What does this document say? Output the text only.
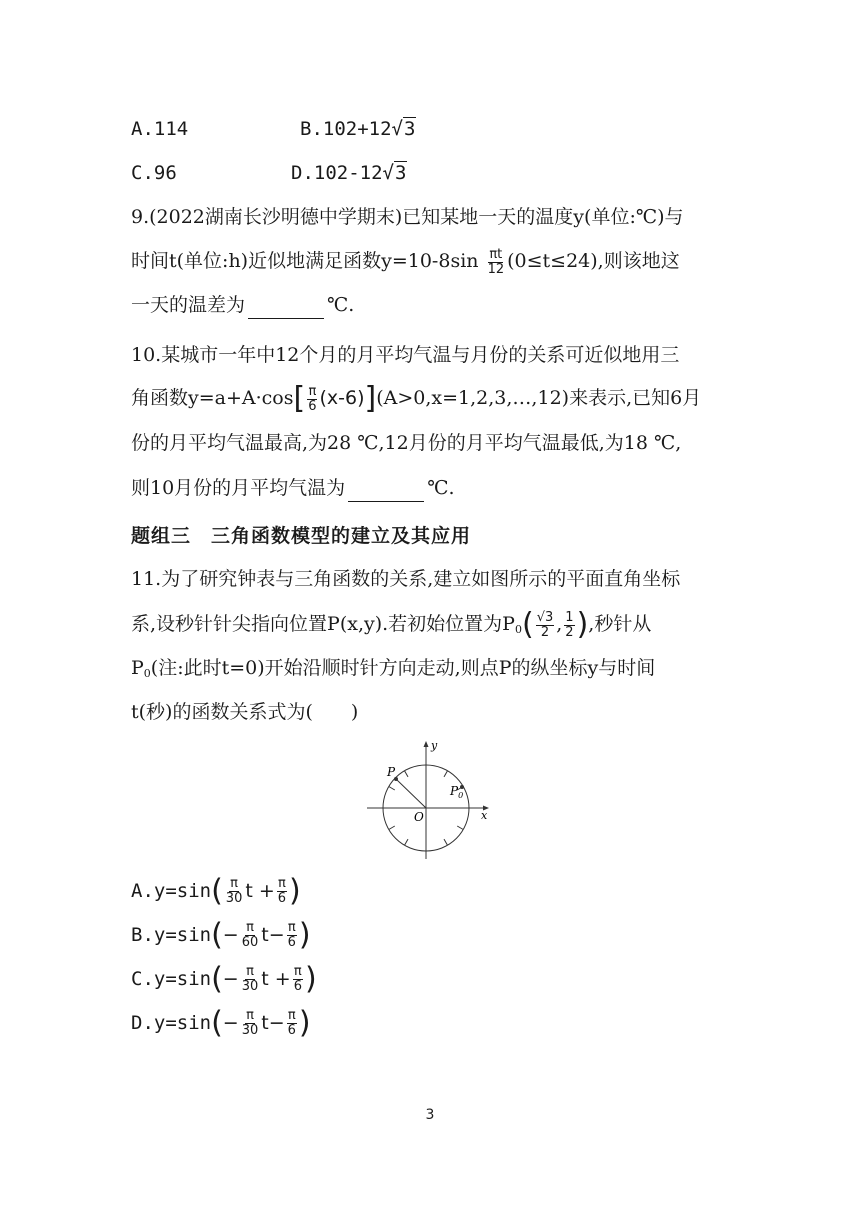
A.114	B.102+12√3
C.96	D.102-12√3
9.(2022湖南长沙明德中学期末)已知某地一天的温度y(单位:℃)与
时间t(单位:h)近似地满足函数$y=10-8\sin \frac{\pi t}{12} (0\le t\le 24)$,则该地这
一天的温差为	℃.
10.某城市一年中12个月的月平均气温与月份的关系可近似地用三
角函数$y=a+A\cdot\cos[ \frac{\pi}{6}$ (x-6)](A>0,x=1,2,3,…,12)来表示,已知6月
份的月平均气温最高,为28 ℃,12月份的月平均气温最低,为18 ℃,
则10月份的月平均气温为	℃.
题组三　三角函数模型的建立及其应用
11.为了研究钟表与三角函数的关系,建立如图所示的平面直角坐标
系,设秒针针尖指向位置P(x,y).若初始位置为$P_0( \frac{√3}{2}$ , $\frac{1}{2}$ ),秒针从
$P_0$(注:此时t=0)开始沿顺时针方向走动,则点P的纵坐标y与时间
t(秒)的函数关系式为(　　)
y
x
O
P
$P_0$
$A.y=\sin( \frac{\pi}{30}$ $t + \frac{\pi}{6}$ )
$B.y=\sin(- \frac{\pi}{60} t- \frac{\pi}{6}$ )
$C.y=\sin(- \frac{\pi}{30}$ $t + \frac{\pi}{6}$ )
$D.y=\sin(- \frac{\pi}{30} t- \frac{\pi}{6}$ )
3
